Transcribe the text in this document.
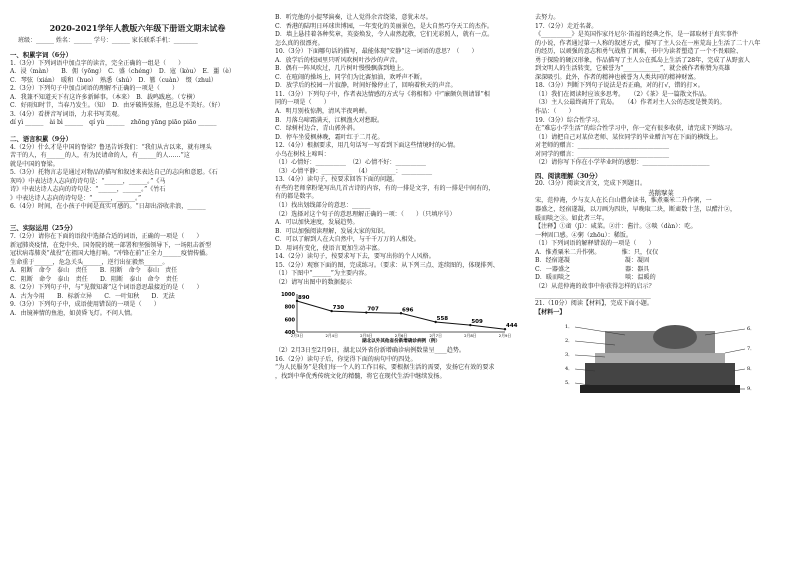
2020-2021学年人教版六年级下册语文期末试卷
班级：______ 姓名：______ 学号：______ 家长联系手机：________
一、积累字词（6分）
1.（3分）下列词语中加点字的读音，完全正确的一组是（　　）
A．浸（màn）　　B．佣（yōng）　C．盛（chéng）　D．寇（kòu）　E．噩（è）
C．琴弦（xián）　暖和（huo）　熟悉（shú）　D．篡（cuàn）　缀（zhuì）
2.（3分）下列句子中加点词语的理解不正确的一项是（　　）
A．我兼不知道天下有这许多新鲜事。（本来）　B．载鸣跋扈。（专横）
C．好雨知时节，当春乃发生。（知）　D．由牙破皆弦扬，但总是不美好。（好）
3.（4分）看拼音写词语，力求书写美观。
dí yì ______　ài bì ______　qí yù ______　zhōng yāng piāo piāo ______
二、语言积累（9分）
4.（2分）什么才是中国的脊梁？鲁迅告诉我们：“我们从古以来，就有埋头
苦干的人，有______的人，有为民请命的人，有______的人……”这
就是中国的脊梁。
5.（3分）托物言志是通过对物品的描写和叙述来表达自己的志向和意愿。《石
灰吟》中表达诗人志向的诗句是：“______，______。”《马
诗》中表达诗人志向的诗句是：“______，______。”《竹石
》中表达诗人志向的诗句是：“______，______。”
6.（4分）时间，在小孩子中间是真实可感的。“日却出浴收赤浪，______

三、实际运用（25分）
7.（2分）请你在下面的语段中选择合适的词语，正确的一项是（　　）
新冠肺炎疫情，在党中央、国务院的统一部署和坚强领导下，一场阻击新型
冠状病毒肺炎“战役”在祖国大地打响。“冲锋在前”正全力______疫情传播。
生命重于______，危急关头______，逆行出征毅然______。
A．阻断　命令　泰山　责任　　B．阻断　命令　泰山　责任
C．阻断　命令　泰山　责任　　D．阻断　泰山　命令　责任
8.（2分）下列句子中，与“见微知著”这个词语意思最接近的是（　　）
A．古为今用　　B．标新立异　　C．一叶知秋　　D．无法
9.（3分）下列句子中，成语使用错误的一项是（　　）
A．由镜神情的鱼池，如黄昏飞灯。不问人情。
B．听完他的小提琴演奏，让人觉得余音绕梁，意犹未尽。
C．香港的陆明日环球世博园，一年变化的美丽景色，是大自然巧夺天工的杰作。
D．墙上悬挂着各种奖章，英姿焕发，令人肃然起敬，它们光彩照人，就有一点。
怎么真的很漂亮。
10.（3分）下面哪句话的描写，最能体现“安静”这一词语的意思？（　　）
A．放学后的校园里只听风吹树叶沙沙的声音。
B．偶有一阵风吹过，几片树叶慢慢飘落到地上。
C．在喧闹的操场上，同学们为比赛加油，欢呼声不断。
D．放学后的校园一片寂静，时间好像停止了，回响着秋天的声音。
11.（3分）下列句子中，作者表达情感的方式与《将相和》中“廉颇负荆请罪”相
同的一项是（　　）
A．明月别枝惊鹊，清风半夜鸣蝉。
B．月落乌啼霜满天，江枫渔火对愁眠。
C．绿树村边合，青山郭外斜。
D．停车坐爱枫林晚，霜叶红于二月花。
12.（4分）根据要求，用几句话写一写看到下面这些情境时的心情。
小鸟在树枝上啼叫：
（1）心情好：__________　（2）心情不好：__________
（3）心情平静：__________　（4）________：__________
13.（4分）读句子，按要求回答下面的问题。
有些的老师拿粉笔写出几首古诗的内容，有的一排是文字，有的一排是中间有的，
有的都是数字。
（1）找出划线部分的意思：______
（2）选择对这个句子的意思理解正确的一项：（　　）（只填序号）
A．可以加快速度，发展趋势。
B．可以加强阅读理解，发展大家的知识。
C．可以了解到人在大自然中，与千千万万的人相处。
D．用词有变化，使语言更加生动丰富。
14.（2分）读句子，按要求写下去，要写出你的个人风格。
15.（2分）观察下面的图，完成练习。（要求：从下列三点、连续图的，体现排列、
（1）下图中“______”为主要内容。
（2）请写出图中的数据提示
1000
800
600
400
890
730	707	696
558
509
444
2月3日	2月4日	2月5日	2月6日	2月7日	2月8日	2月9日
湖北以外其他省份新增确诊病例（例）
（2）2月3日至2月9日，湖北以外省份新增确诊病例数量呈____趋势。
16.（2分）读句子后，你觉得下面的病句中的四处。
“为人民服务”是我们每一个人的工作目标，要根据生活的需要，发扬它有效的要求
，找到中华优秀传统文化的精髓，将它在现代生活中继续发扬。
去努力。
17.（2分）走近名著。
《__________》是英国作家丹尼尔·笛福的经典之作，是一部取材于真实事件
的小说，作者通过第一人称的叙述方式，描写了主人公在一座荒岛上生活了二十八年
的经历，以顽强的意志和勇气战胜了困难，书中为读者塑造了一个不畏艰险、
勇于探险的硬汉形象，作品描写了主人公在孤岛上生活了28年，完成了从野蛮人
到文明人的生活转变，它被誉为“____________”，就会被作者称赞为英雄
深深吸引。此外，作者的精神也被誉为人类共同的精神财富。
18.（3分）判断下列句子说法是否正确，对的打√，错的打×。
（1）我们在阅读时应该多思考。　　（2）《茶》是一篇散文作品。
（3）主人公最终离开了荒岛。　　（4）作者对主人公的态度是赞美的。
作品：（　　）
19.（3分）综合性学习。
在“难忘小学生活”的综合性学习中，你一定有很多收获，请完成下列练习。
（1）请把自己对某位老师、某位同学的毕业赠言写在下面的横线上。
对老师的赠言：______________________________
对同学的赠言：______________________________
（2）请你写下你在小学毕业时的感想：______________________
四、阅读理解（30分）
20.（3分）阅读文言文，完成下列题目。
蒸鹅擘菜
宋，范仲淹，少与友人在长白山僧舍读书，惟煮粟米二升作粥，一
器盛之，经宿遂凝，以刀画为四块，早晚取二块，断齑数十茎，以醋汁②，
暖而啖之③。如此者三年。
【注释】①齑（jī）：咸菜。②汁：酱汁。③啖（dàn）：吃。
一种固口感。④粥（zhōu）：稀饭。
（1）下列词语的解释错误的一项是（　　）
A．惟煮粟米二升作粥。　　　　惟：只，仅仅
B．经宿遂凝　　　　　　　　　凝：凝固
C．一器盛之　　　　　　　　　器：器具
D．暖而啖之　　　　　　　　　啖：温暖的
（2）从范仲淹的故事中你获得怎样的启示？
______________________________________
21.（10分）阅读【材料】，完成下面小题。
【材料一】
1．
2．
3．
4．
5．
6．
7．
8．
9．
